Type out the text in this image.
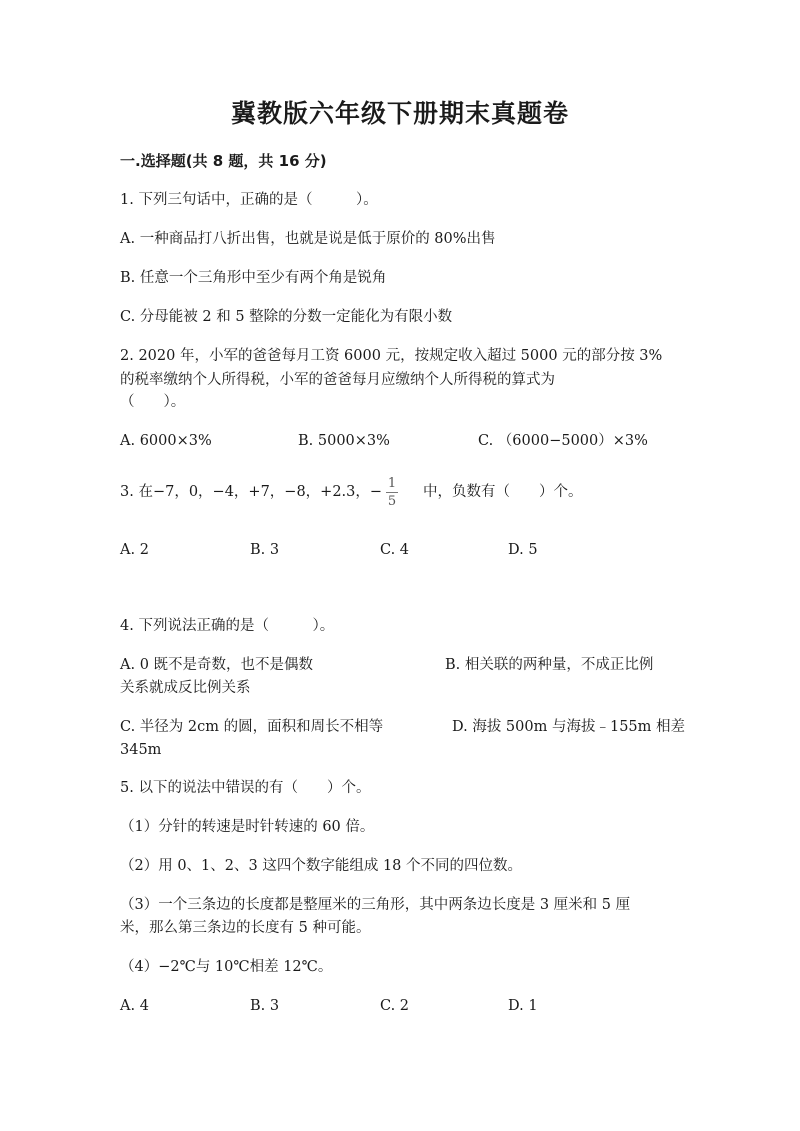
冀教版六年级下册期末真题卷
一.选择题(共 8 题，共 16 分)
1. 下列三句话中，正确的是（　　　）。
A. 一种商品打八折出售，也就是说是低于原价的 80%出售
B. 任意一个三角形中至少有两个角是锐角
C. 分母能被 2 和 5 整除的分数一定能化为有限小数
2. 2020 年，小军的爸爸每月工资 6000 元，按规定收入超过 5000 元的部分按 3%
的税率缴纳个人所得税，小军的爸爸每月应缴纳个人所得税的算式为
（　　）。
A. 6000×3%	B. 5000×3%	C. （6000−5000）×3%
3. 在−7，0，−4，+7，−8，+2.3，−
1
5
中，负数有（　　）个。
A. 2	B. 3	C. 4	D. 5
4. 下列说法正确的是（　　　）。
A. 0 既不是奇数，也不是偶数	B. 相关联的两种量，不成正比例
关系就成反比例关系
C. 半径为 2cm 的圆，面积和周长不相等	D. 海拔 500m 与海拔﹣155m 相差
345m
5. 以下的说法中错误的有（　　）个。
（1）分针的转速是时针转速的 60 倍。
（2）用 0、1、2、3 这四个数字能组成 18 个不同的四位数。
（3）一个三条边的长度都是整厘米的三角形，其中两条边长度是 3 厘米和 5 厘
米，那么第三条边的长度有 5 种可能。
（4）−2℃与 10℃相差 12℃。
A. 4	B. 3	C. 2	D. 1
